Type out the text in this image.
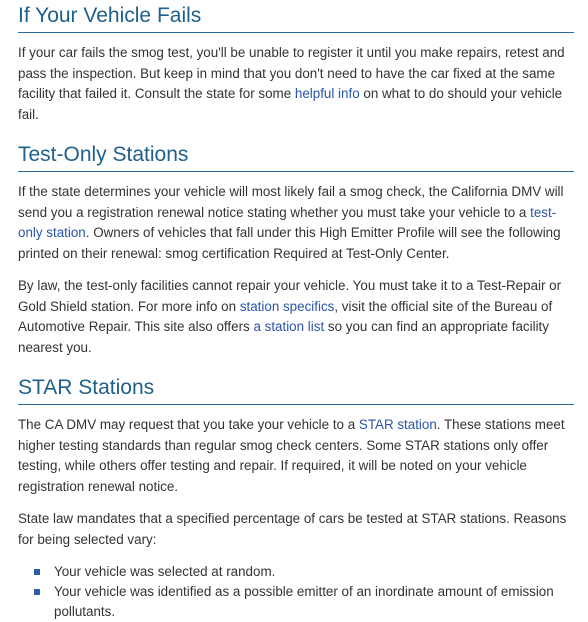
If Your Vehicle Fails

If your car fails the smog test, you'll be unable to register it until you make repairs, retest and pass the inspection. But keep in mind that you don't need to have the car fixed at the same facility that failed it. Consult the state for some helpful info on what to do should your vehicle fail.

Test-Only Stations

If the state determines your vehicle will most likely fail a smog check, the California DMV will send you a registration renewal notice stating whether you must take your vehicle to a test-only station. Owners of vehicles that fall under this High Emitter Profile will see the following printed on their renewal: smog certification Required at Test-Only Center.

By law, the test-only facilities cannot repair your vehicle. You must take it to a Test-Repair or Gold Shield station. For more info on station specifics, visit the official site of the Bureau of Automotive Repair. This site also offers a station list so you can find an appropriate facility nearest you.

STAR Stations

The CA DMV may request that you take your vehicle to a STAR station. These stations meet higher testing standards than regular smog check centers. Some STAR stations only offer testing, while others offer testing and repair. If required, it will be noted on your vehicle registration renewal notice.

State law mandates that a specified percentage of cars be tested at STAR stations. Reasons for being selected vary:

Your vehicle was selected at random.
Your vehicle was identified as a possible emitter of an inordinate amount of emission pollutants.
